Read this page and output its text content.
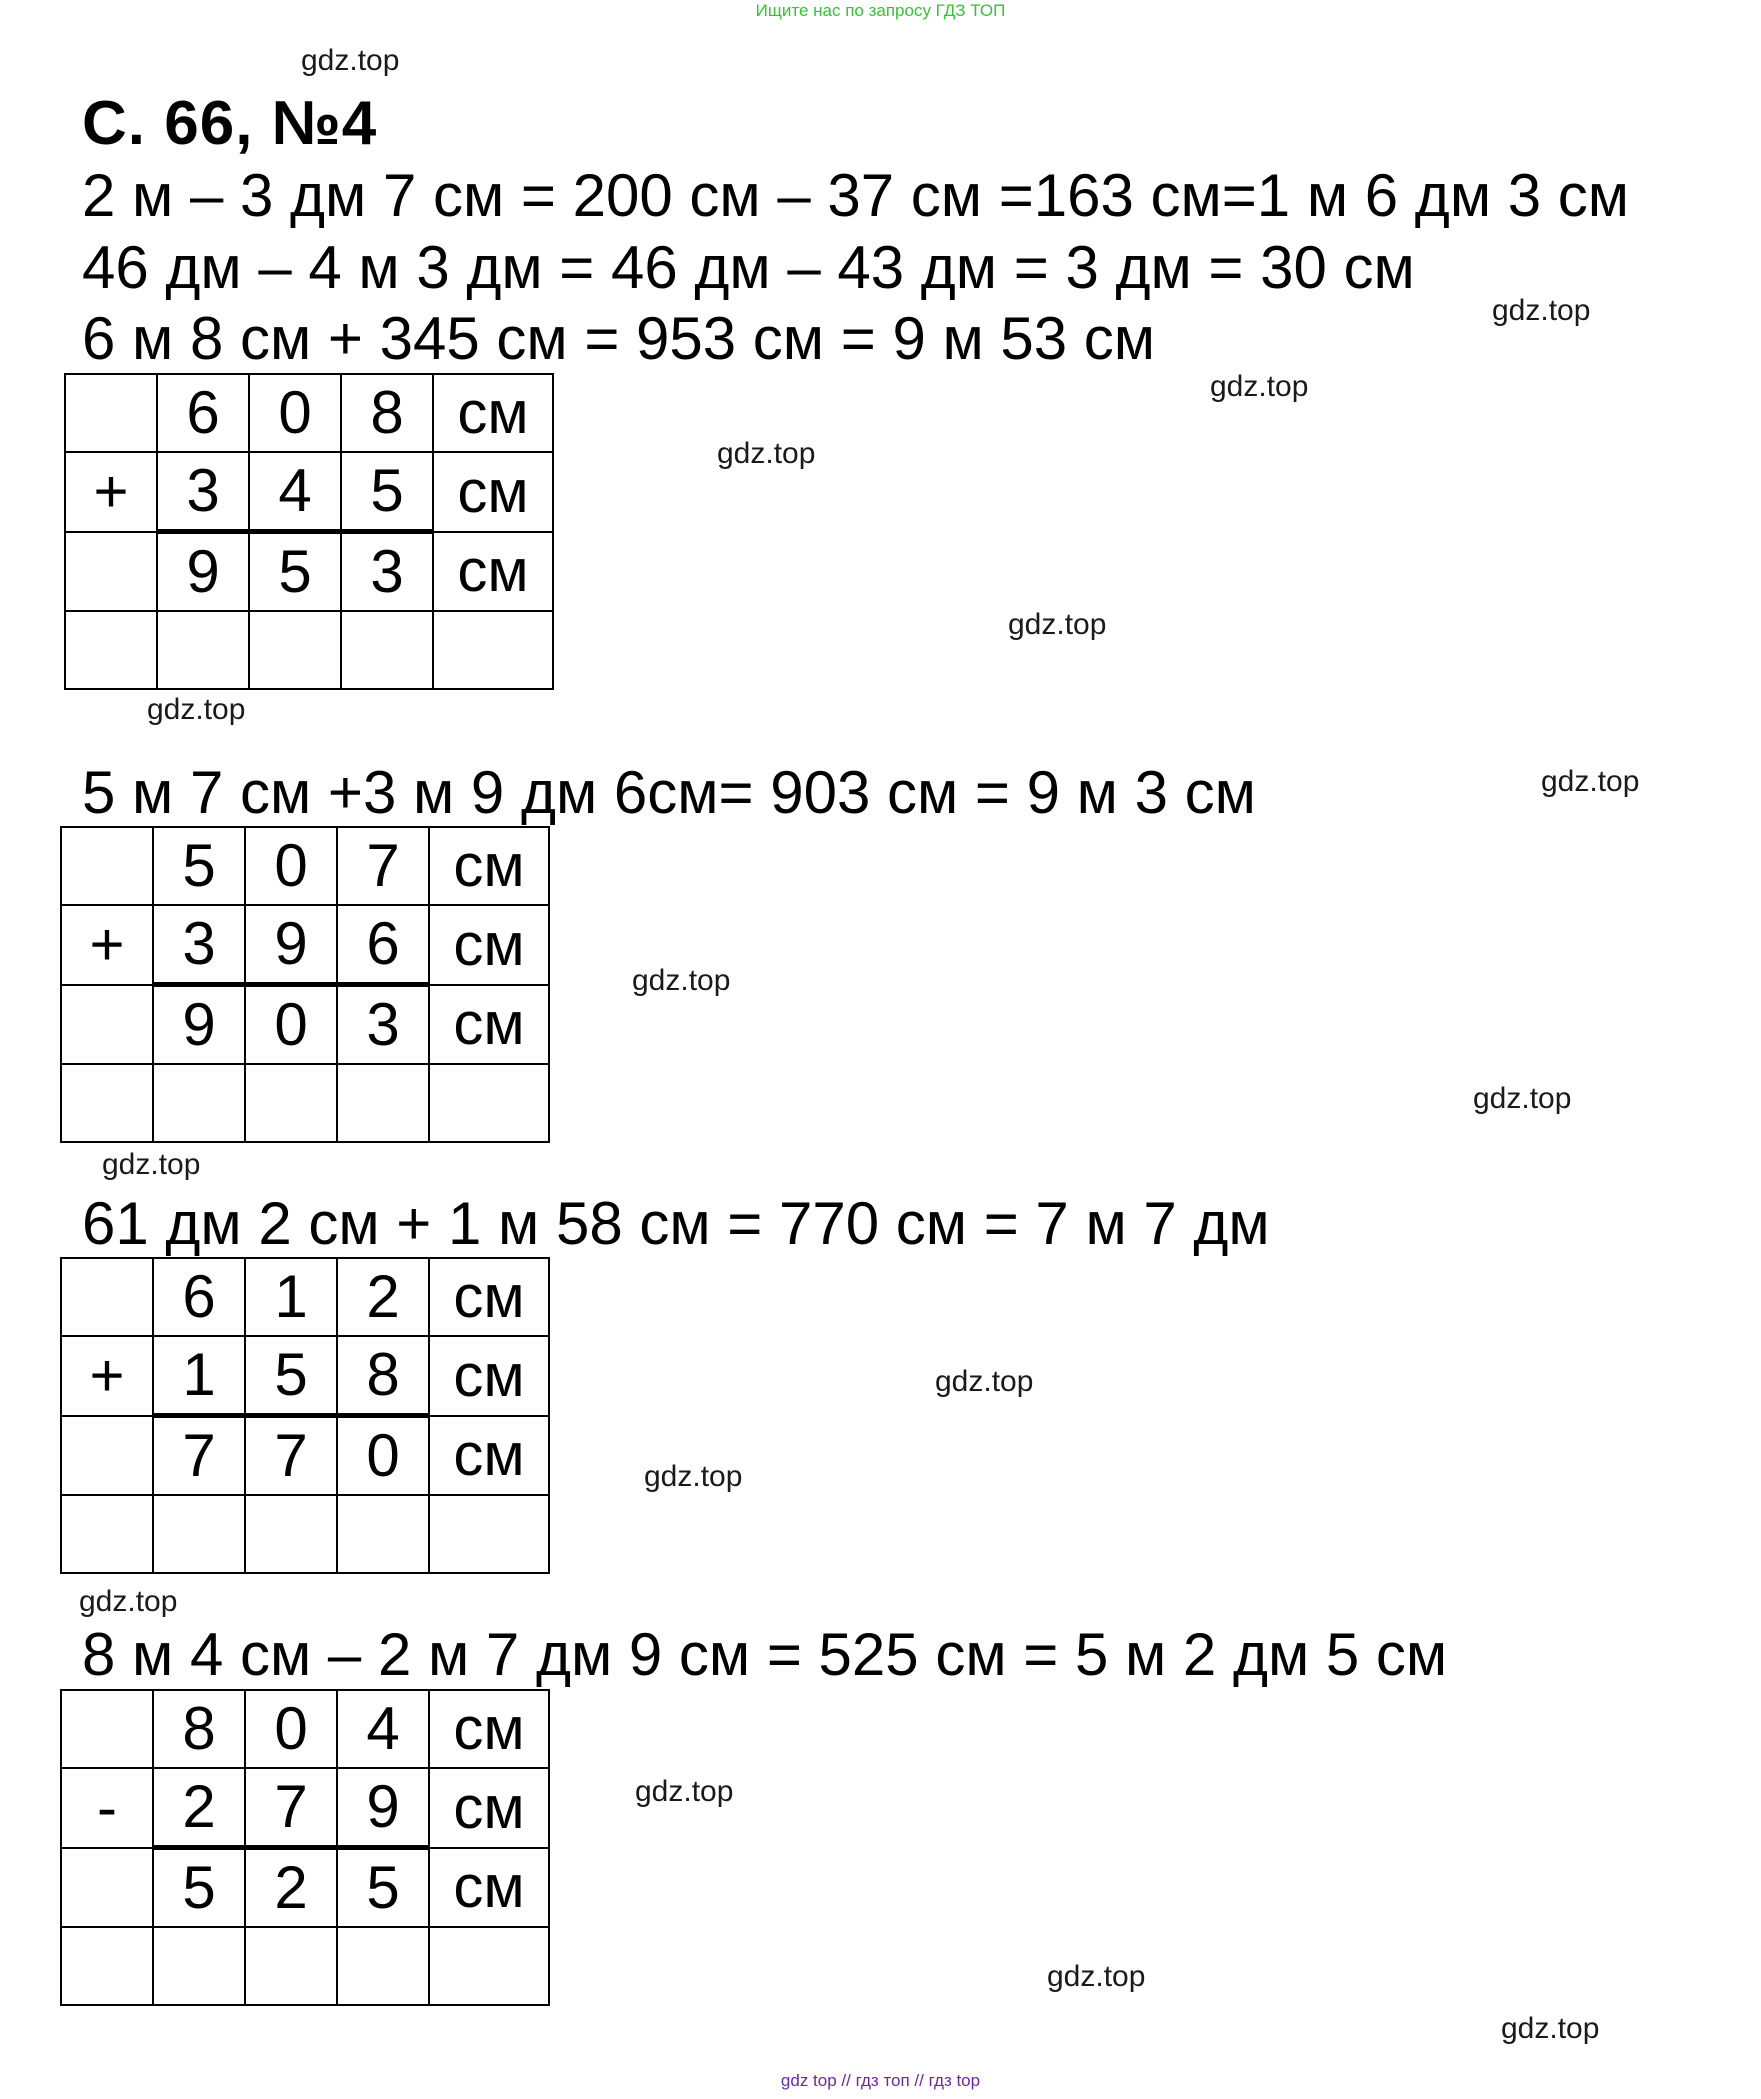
Ищите нас по запросу ГДЗ ТОП
gdz.top
gdz.top
gdz.top
gdz.top
gdz.top
gdz.top
gdz.top
gdz.top
gdz.top
gdz.top
gdz.top
gdz.top
gdz.top
gdz.top
gdz.top
gdz.top
С. 66, №4
2 м – 3 дм 7 см = 200 см – 37 см =163 см=1 м 6 дм 3 см
46 дм – 4 м 3 дм = 46 дм – 43 дм = 3 дм = 30 см
6 м 8 см + 345 см = 953 см = 9 м 53 см
	6	0	8	см
+	3	4	5	см
	9	5	3	см

5 м 7 см +3 м 9 дм 6см= 903 см = 9 м 3 см
	5	0	7	см
+	3	9	6	см
	9	0	3	см

61 дм 2 см + 1 м 58 см = 770 см = 7 м 7 дм
	6	1	2	см
+	1	5	8	см
	7	7	0	см

8 м 4 см – 2 м 7 дм 9 см = 525 см = 5 м 2 дм 5 см
	8	0	4	см
-	2	7	9	см
	5	2	5	см

gdz top // гдз топ // гдз top
